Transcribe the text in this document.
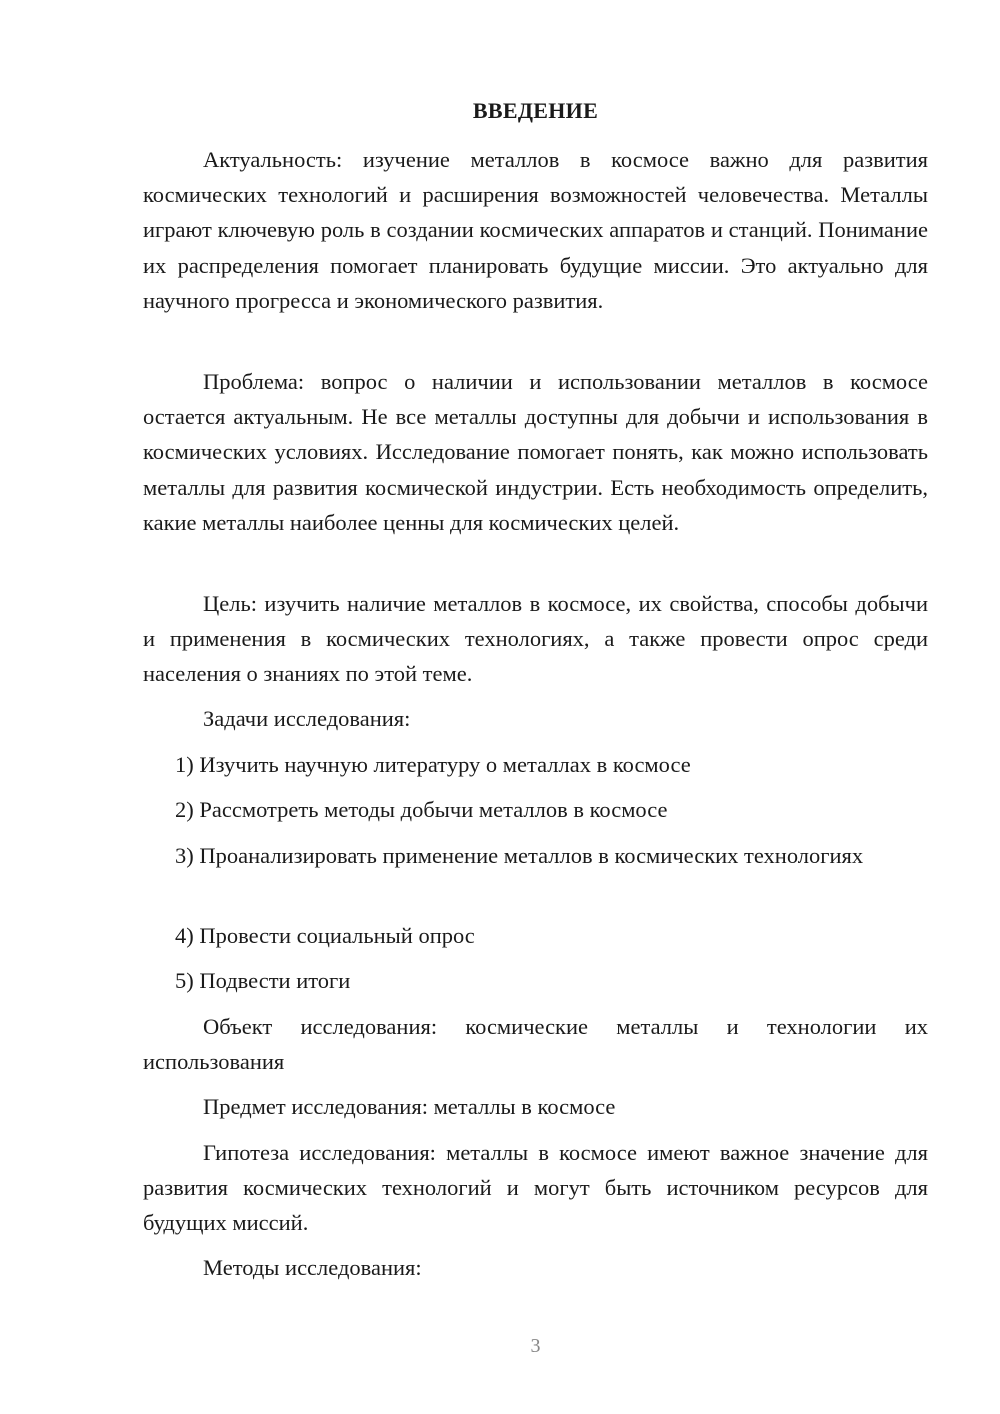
ВВЕДЕНИЕ

Актуальность: изучение металлов в космосе важно для развития космических технологий и расширения возможностей человечества. Металлы играют ключевую роль в создании космических аппаратов и станций. Понимание их распределения помогает планировать будущие миссии. Это актуально для научного прогресса и экономического развития.

Проблема: вопрос о наличии и использовании металлов в космосе остается актуальным. Не все металлы доступны для добычи и использования в космических условиях. Исследование помогает понять, как можно использовать металлы для развития космической индустрии. Есть необходимость определить, какие металлы наиболее ценны для космических целей.

Цель: изучить наличие металлов в космосе, их свойства, способы добычи и применения в космических технологиях, а также провести опрос среди населения о знаниях по этой теме.

Задачи исследования:

1) Изучить научную литературу о металлах в космосе

2) Рассмотреть методы добычи металлов в космосе

3) Проанализировать применение металлов в космических технологиях

4) Провести социальный опрос

5) Подвести итоги

Объект исследования: космические металлы и технологии их использования

Предмет исследования: металлы в космосе

Гипотеза исследования: металлы в космосе имеют важное значение для развития космических технологий и могут быть источником ресурсов для будущих миссий.

Методы исследования:

3
